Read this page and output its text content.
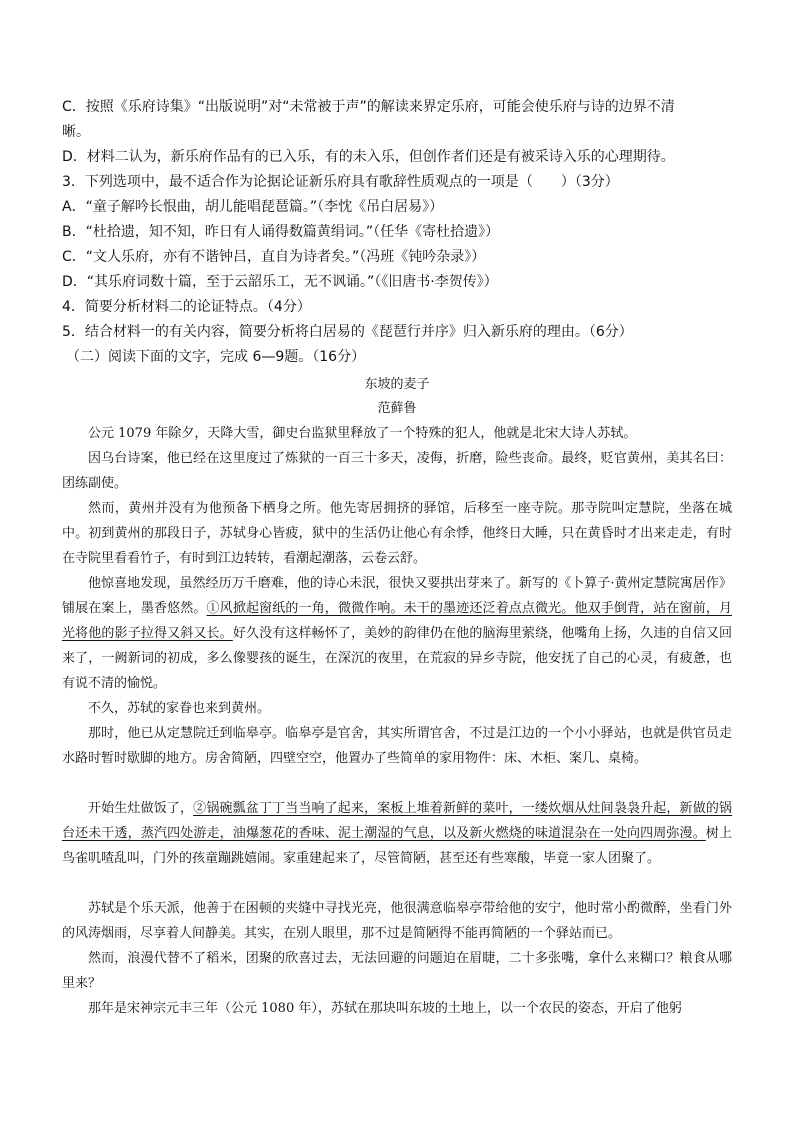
C．按照《乐府诗集》“出版说明”对“未常被于声”的解读来界定乐府，可能会使乐府与诗的边界不清
晰。
D．材料二认为，新乐府作品有的已入乐，有的未入乐，但创作者们还是有被采诗入乐的心理期待。
3．下列选项中，最不适合作为论据论证新乐府具有歌辞性质观点的一项是（　　）（3分）
A．“童子解吟长恨曲，胡儿能唱琵琶篇。”（李忱《吊白居易》）
B．“杜拾遗，知不知，昨日有人诵得数篇黄绢词。”（任华《寄杜拾遗》）
C．“文人乐府，亦有不谐钟吕，直自为诗者矣。”（冯班《钝吟杂录》）
D．“其乐府词数十篇，至于云韶乐工，无不讽诵。”（《旧唐书·李贺传》）
4．简要分析材料二的论证特点。（4分）
5．结合材料一的有关内容，简要分析将白居易的《琵琶行并序》归入新乐府的理由。（6分）
（二）阅读下面的文字，完成 6—9题。（16分）
东坡的麦子
范藓鲁

公元 1079 年除夕，天降大雪，御史台监狱里释放了一个特殊的犯人，他就是北宋大诗人苏轼。

因乌台诗案，他已经在这里度过了炼狱的一百三十多天，凌侮，折磨，险些丧命。最终，贬官黄州，美其名曰：团练副使。

然而，黄州并没有为他预备下栖身之所。他先寄居拥挤的驿馆，后移至一座寺院。那寺院叫定慧院，坐落在城中。初到黄州的那段日子，苏轼身心皆疲，狱中的生活仍让他心有余悸，他终日大睡，只在黄昏时才出来走走，有时在寺院里看看竹子，有时到江边转转，看潮起潮落，云卷云舒。

他惊喜地发现，虽然经历万千磨难，他的诗心未泯，很快又要拱出芽来了。新写的《卜算子·黄州定慧院寓居作》铺展在案上，墨香悠然。①风掀起窗纸的一角，微微作响。未干的墨迹还泛着点点微光。他双手倒背，站在窗前，月光将他的影子拉得又斜又长。好久没有这样畅怀了，美妙的韵律仍在他的脑海里萦绕，他嘴角上扬，久违的自信又回来了，一阙新词的初成，多么像婴孩的诞生，在深沉的夜里，在荒寂的异乡寺院，他安抚了自己的心灵，有疲惫，也有说不清的愉悦。

不久，苏轼的家眷也来到黄州。

那时，他已从定慧院迁到临皋亭。临皋亭是官舍，其实所谓官舍，不过是江边的一个小小驿站，也就是供官员走水路时暂时歇脚的地方。房舍简陋，四壁空空，他置办了些简单的家用物件：床、木柜、案几、桌椅。

开始生灶做饭了，②锅碗瓢盆丁丁当当响了起来，案板上堆着新鲜的菜叶，一缕炊烟从灶间袅袅升起，新做的锅台还未干透，蒸汽四处游走，油爆葱花的香味、泥土潮湿的气息，以及新火燃烧的味道混杂在一处向四周弥漫。树上鸟雀叽喳乱叫，门外的孩童蹦跳嬉闹。家重建起来了，尽管简陋，甚至还有些寒酸，毕竟一家人团聚了。

苏轼是个乐天派，他善于在困顿的夹缝中寻找光亮，他很满意临皋亭带给他的安宁，他时常小酌微醉，坐看门外的风涛烟雨，尽享着人间静美。其实，在别人眼里，那不过是简陋得不能再简陋的一个驿站而已。

然而，浪漫代替不了稻米，团聚的欣喜过去，无法回避的问题迫在眉睫，二十多张嘴，拿什么来糊口？粮食从哪里来？

那年是宋神宗元丰三年（公元 1080 年），苏轼在那块叫东坡的土地上，以一个农民的姿态，开启了他躬
